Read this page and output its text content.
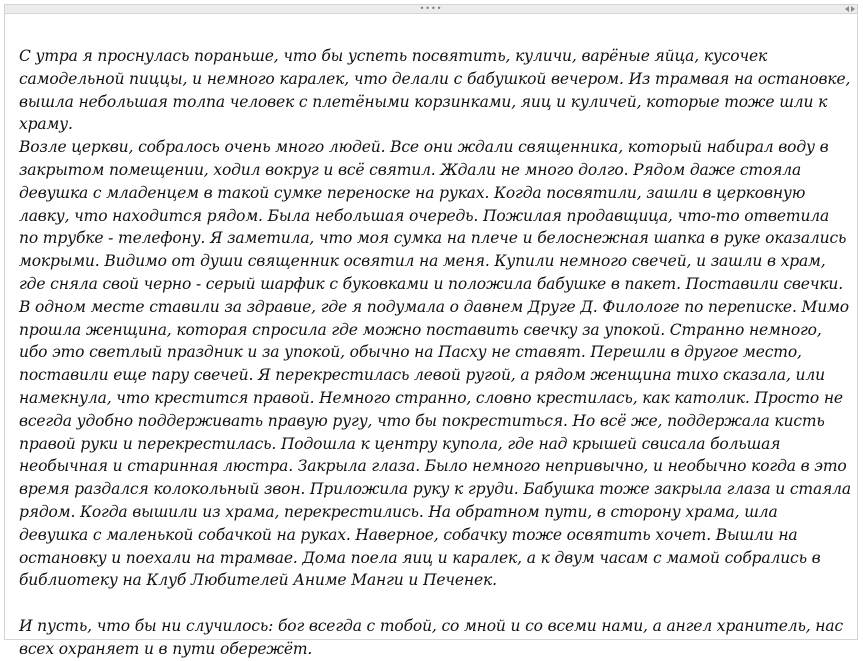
••••

С утра я проснулась пораньше, что бы успеть посвятить, куличи, варёные яйца, кусочек самодельной пиццы, и немного каралек, что делали с бабушкой вечером. Из трамвая на остановке, вышла небольшая толпа человек с плетёными корзинками, яиц и куличей, которые тоже шли к храму.

Возле церкви, собралось очень много людей. Все они ждали священника, который набирал воду в закрытом помещении, ходил вокруг и всё святил. Ждали не много долго. Рядом даже стояла девушка с младенцем в такой сумке переноске на руках. Когда посвятили, зашли в церковную лавку, что находится рядом. Была небольшая очередь. Пожилая продавщица, что-то ответила по трубке - телефону. Я заметила, что моя сумка на плече и белоснежная шапка в руке оказались мокрыми. Видимо от души священник освятил на меня. Купили немного свечей, и зашли в храм, где сняла свой черно - серый шарфик с буковками и положила бабушке в пакет. Поставили свечки. В одном месте ставили за здравие, где я подумала о давнем Друге Д. Филологе по переписке. Мимо прошла женщина, которая спросила где можно поставить свечку за упокой. Странно немного, ибо это светлый праздник и за упокой, обычно на Пасху не ставят. Перешли в другое место, поставили еще пару свечей. Я перекрестилась левой ругой, а рядом женщина тихо сказала, или намекнула, что крестится правой. Немного странно, словно крестилась, как католик. Просто не всегда удобно поддерживать правую ругу, что бы покреститься. Но всё же, поддержала кисть правой руки и перекрестилась. Подошла к центру купола, где над крышей свисала большая необычная и старинная люстра. Закрыла глаза. Было немного непривычно, и необычно когда в это время раздался колокольный звон. Приложила руку к груди. Бабушка тоже закрыла глаза и стаяла рядом. Когда вышили из храма, перекрестились. На обратном пути, в сторону храма, шла девушка с маленькой собачкой на руках. Наверное, собачку тоже освятить хочет. Вышли на остановку и поехали на трамвае. Дома поела яиц и каралек, а к двум часам с мамой собрались в библиотеку на Клуб Любителей Аниме Манги и Печенек.

И пусть, что бы ни случилось: бог всегда с тобой, со мной и со всеми нами, а ангел хранитель, нас всех охраняет и в пути обережёт.
